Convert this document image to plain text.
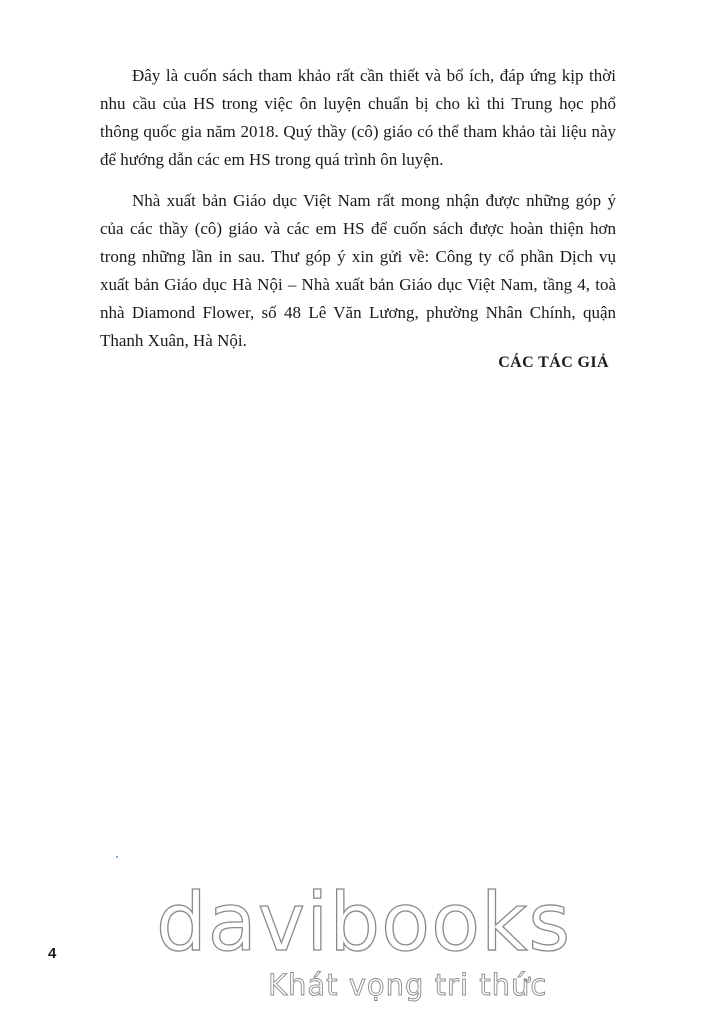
Đây là cuốn sách tham khảo rất cần thiết và bổ ích, đáp ứng kịp thời nhu cầu của HS trong việc ôn luyện chuẩn bị cho kì thi Trung học phổ thông quốc gia năm 2018. Quý thầy (cô) giáo có thể tham khảo tài liệu này để hướng dẫn các em HS trong quá trình ôn luyện.

Nhà xuất bản Giáo dục Việt Nam rất mong nhận được những góp ý của các thầy (cô) giáo và các em HS để cuốn sách được hoàn thiện hơn trong những lần in sau. Thư góp ý xin gửi về: Công ty cổ phần Dịch vụ xuất bản Giáo dục Hà Nội – Nhà xuất bản Giáo dục Việt Nam, tầng 4, toà nhà Diamond Flower, số 48 Lê Văn Lương, phường Nhân Chính, quận Thanh Xuân, Hà Nội.

CÁC TÁC GIẢ
4 davibooks
Khát vọng tri thức
